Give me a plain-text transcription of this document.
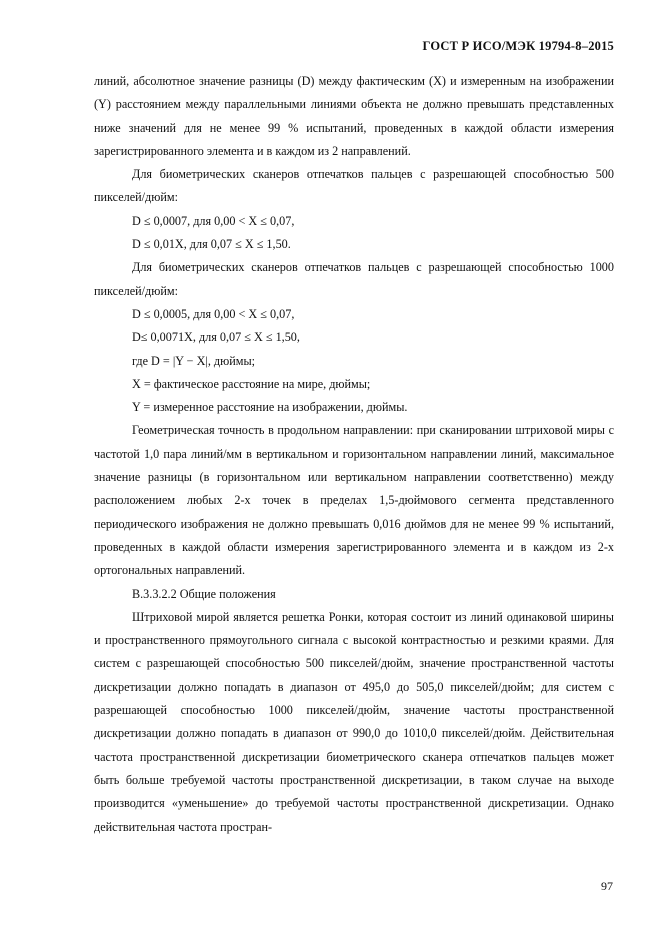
ГОСТ Р ИСО/МЭК 19794-8–2015

линий, абсолютное значение разницы (D) между фактическим (X) и измеренным на изображении (Y) расстоянием между параллельными линиями объекта не должно превышать представленных ниже значений для не менее 99 % испытаний, проведенных в каждой области измерения зарегистрированного элемента и в каждом из 2 направлений.

Для биометрических сканеров отпечатков пальцев с разрешающей способностью 500 пикселей/дюйм:

D ≤ 0,0007, для 0,00 < X ≤ 0,07,

D ≤ 0,01X, для 0,07 ≤ X ≤ 1,50.

Для биометрических сканеров отпечатков пальцев с разрешающей способностью 1000 пикселей/дюйм:

D ≤ 0,0005, для 0,00 < X ≤ 0,07,

D≤ 0,0071X, для 0,07 ≤ X ≤ 1,50,

где D = |Y − X|, дюймы;

X = фактическое расстояние на мире, дюймы;

Y = измеренное расстояние на изображении, дюймы.

Геометрическая точность в продольном направлении: при сканировании штриховой миры с частотой 1,0 пара линий/мм в вертикальном и горизонтальном направлении линий, максимальное значение разницы (в горизонтальном или вертикальном направлении соответственно) между расположением любых 2-х точек в пределах 1,5-дюймового сегмента представленного периодического изображения не должно превышать 0,016 дюймов для не менее 99 % испытаний, проведенных в каждой области измерения зарегистрированного элемента и в каждом из 2-х ортогональных направлений.

B.3.3.2.2 Общие положения

Штриховой мирой является решетка Ронки, которая состоит из линий одинаковой ширины и пространственного прямоугольного сигнала с высокой контрастностью и резкими краями. Для систем с разрешающей способностью 500 пикселей/дюйм, значение пространственной частоты дискретизации должно попадать в диапазон от 495,0 до 505,0 пикселей/дюйм; для систем с разрешающей способностью 1000 пикселей/дюйм, значение частоты пространственной дискретизации должно попадать в диапазон от 990,0 до 1010,0 пикселей/дюйм. Действительная частота пространственной дискретизации биометрического сканера отпечатков пальцев может быть больше требуемой частоты пространственной дискретизации, в таком случае на выходе производится «уменьшение» до требуемой частоты пространственной дискретизации. Однако действительная частота простран-

97
